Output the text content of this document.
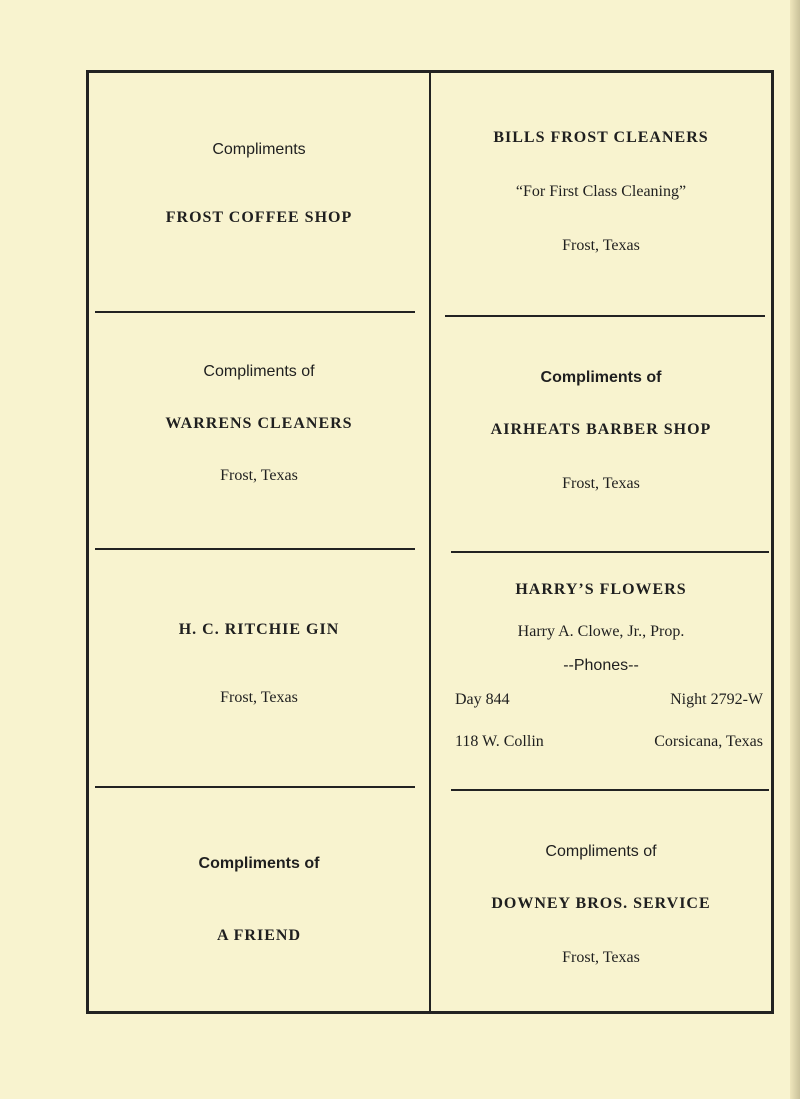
Compliments
FROST COFFEE SHOP
BILLS FROST CLEANERS
“For First Class Cleaning”
Frost, Texas
Compliments of
WARRENS CLEANERS
Frost, Texas
Compliments of
AIRHEATS BARBER SHOP
Frost, Texas
H. C. RITCHIE GIN
Frost, Texas
HARRY’S FLOWERS
Harry A. Clowe, Jr., Prop.
--Phones--
Day 844	Night 2792-W
118 W. Collin	Corsicana, Texas
Compliments of
A FRIEND
Compliments of
DOWNEY BROS. SERVICE
Frost, Texas
